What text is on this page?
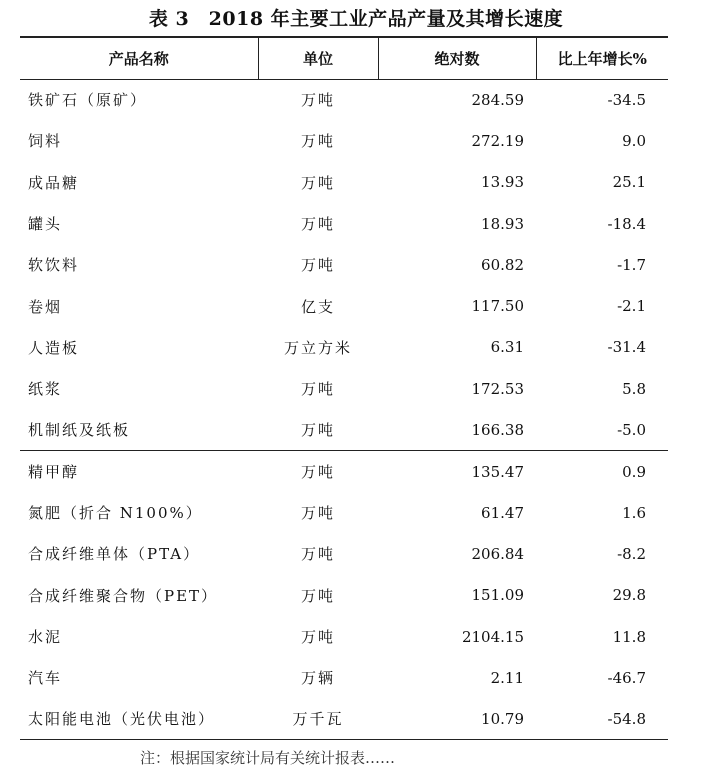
表 3　2018 年主要工业产品产量及其增长速度
产品名称	单位	绝对数	比上年增长%
铁矿石（原矿）	万吨	284.59	-34.5
饲料	万吨	272.19	9.0
成品糖	万吨	13.93	25.1
罐头	万吨	18.93	-18.4
软饮料	万吨	60.82	-1.7
卷烟	亿支	117.50	-2.1
人造板	万立方米	6.31	-31.4
纸浆	万吨	172.53	5.8
机制纸及纸板	万吨	166.38	-5.0
精甲醇	万吨	135.47	0.9
氮肥（折合 N100%）	万吨	61.47	1.6
合成纤维单体（PTA）	万吨	206.84	-8.2
合成纤维聚合物（PET）	万吨	151.09	29.8
水泥	万吨	2104.15	11.8
汽车	万辆	2.11	-46.7
太阳能电池（光伏电池）	万千瓦	10.79	-54.8
注：根据国家统计局有关统计报表……
